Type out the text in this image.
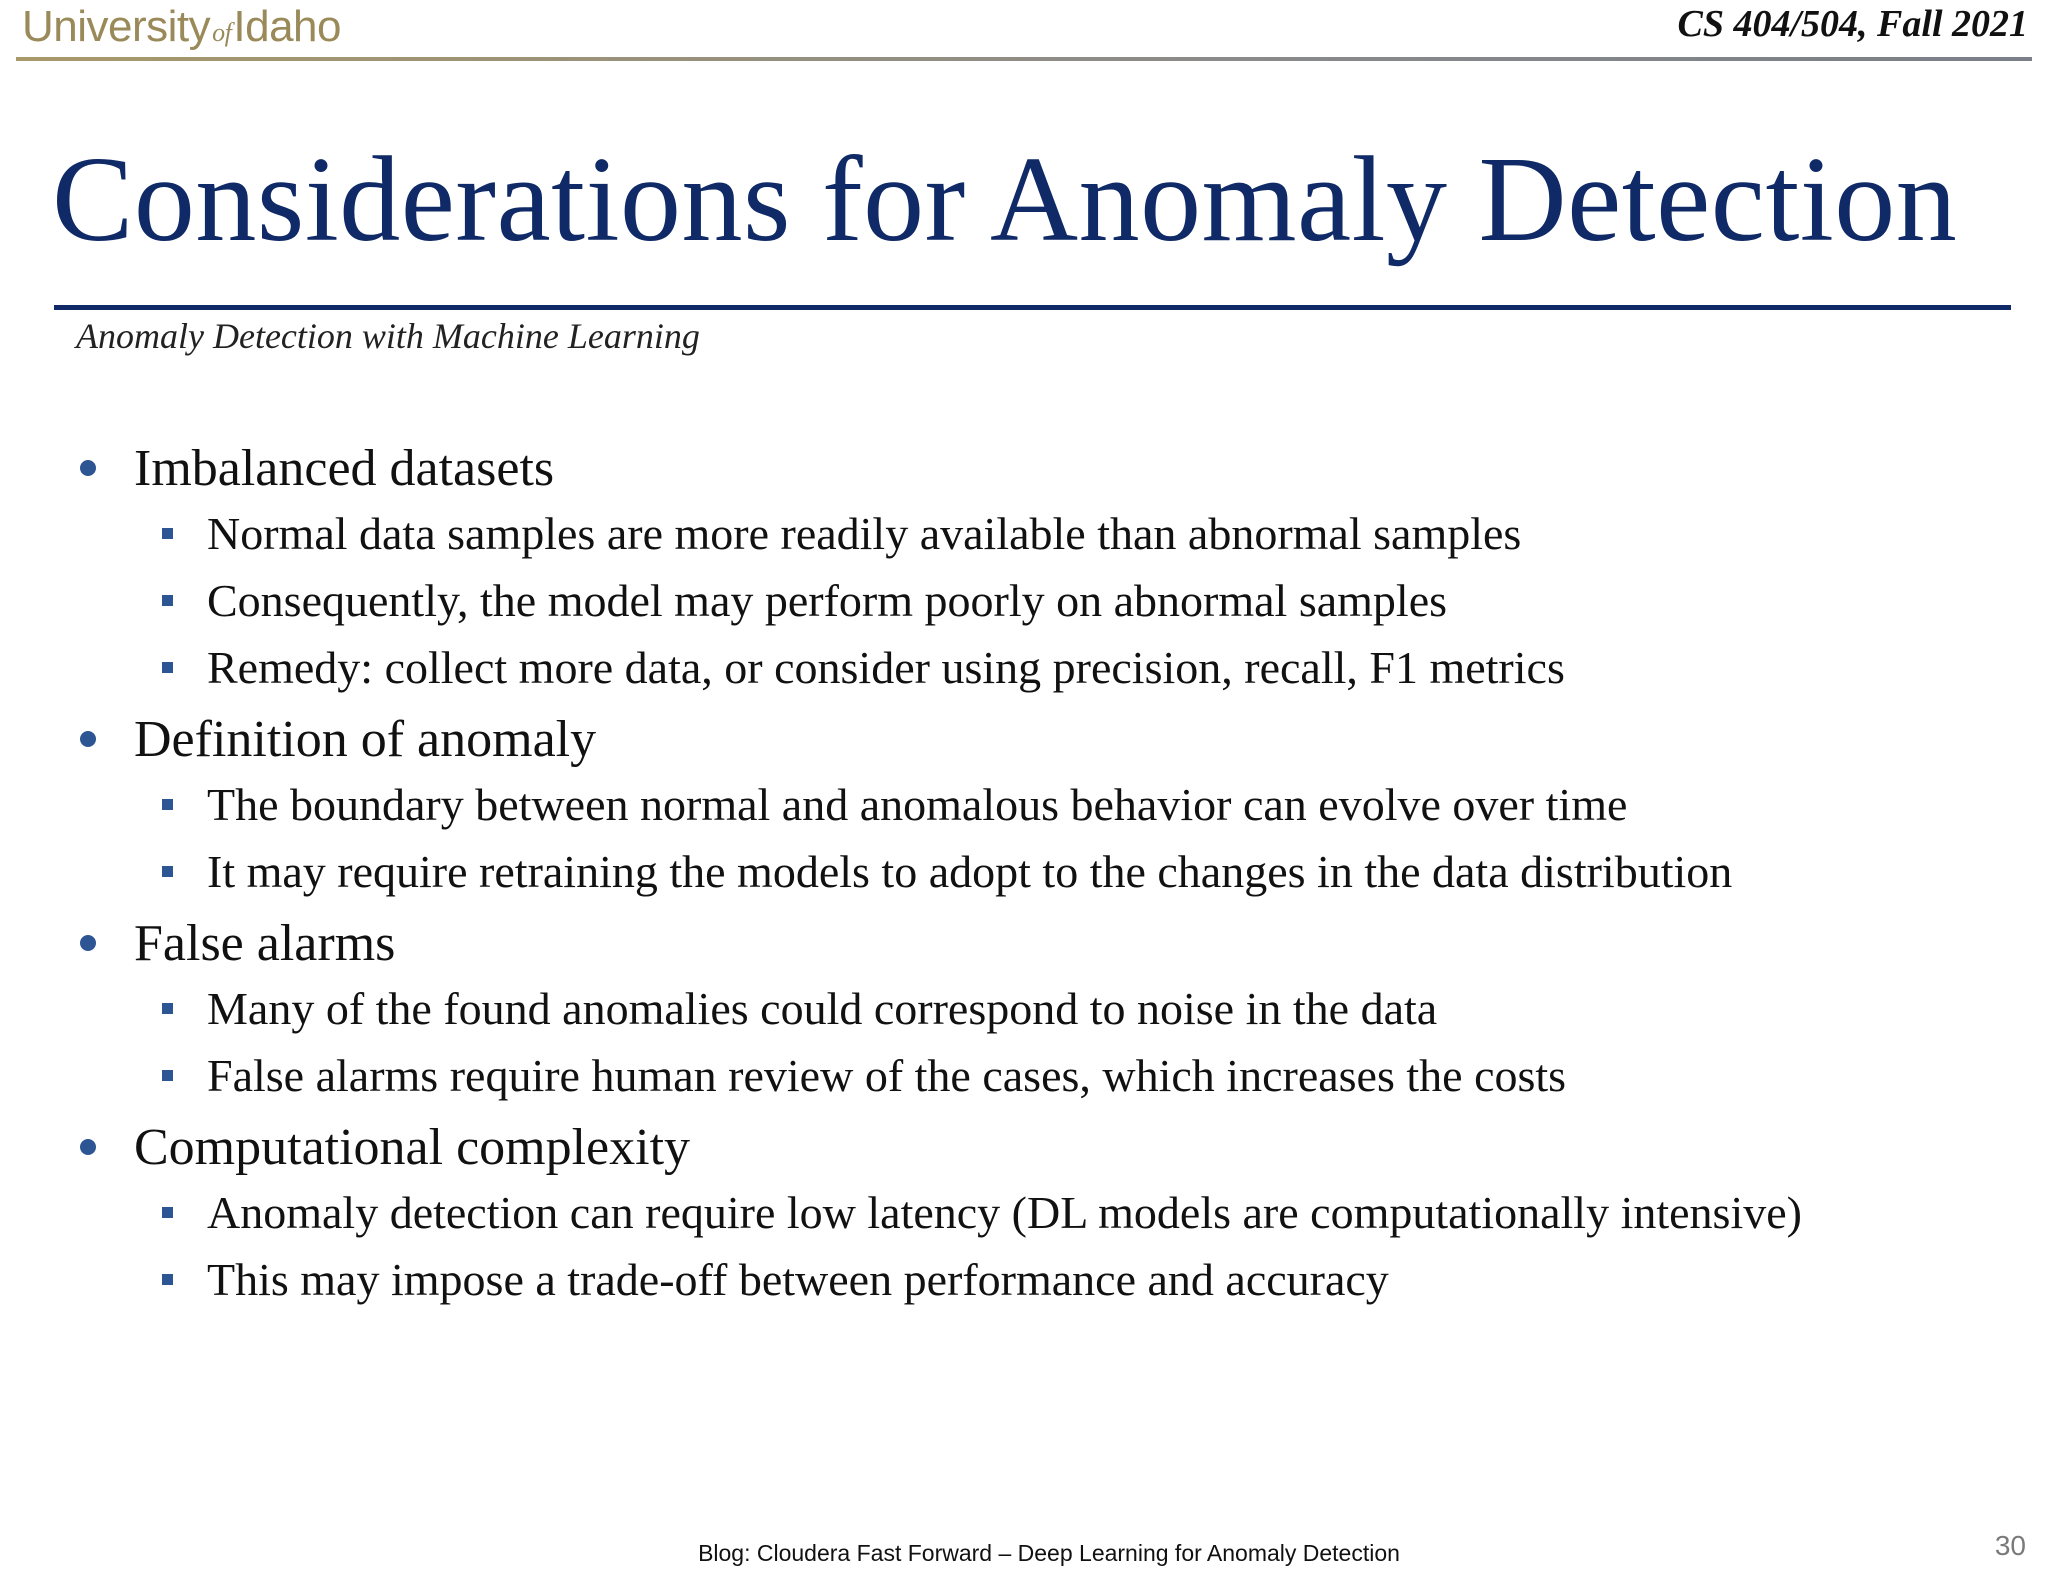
University of Idaho	CS 404/504, Fall 2021
Considerations for Anomaly Detection
Anomaly Detection with Machine Learning
Imbalanced datasets
Normal data samples are more readily available than abnormal samples
Consequently, the model may perform poorly on abnormal samples
Remedy: collect more data, or consider using precision, recall, F1 metrics
Definition of anomaly
The boundary between normal and anomalous behavior can evolve over time
It may require retraining the models to adopt to the changes in the data distribution
False alarms
Many of the found anomalies could correspond to noise in the data
False alarms require human review of the cases, which increases the costs
Computational complexity
Anomaly detection can require low latency (DL models are computationally intensive)
This may impose a trade-off between performance and accuracy
Blog: Cloudera Fast Forward – Deep Learning for Anomaly Detection	30
